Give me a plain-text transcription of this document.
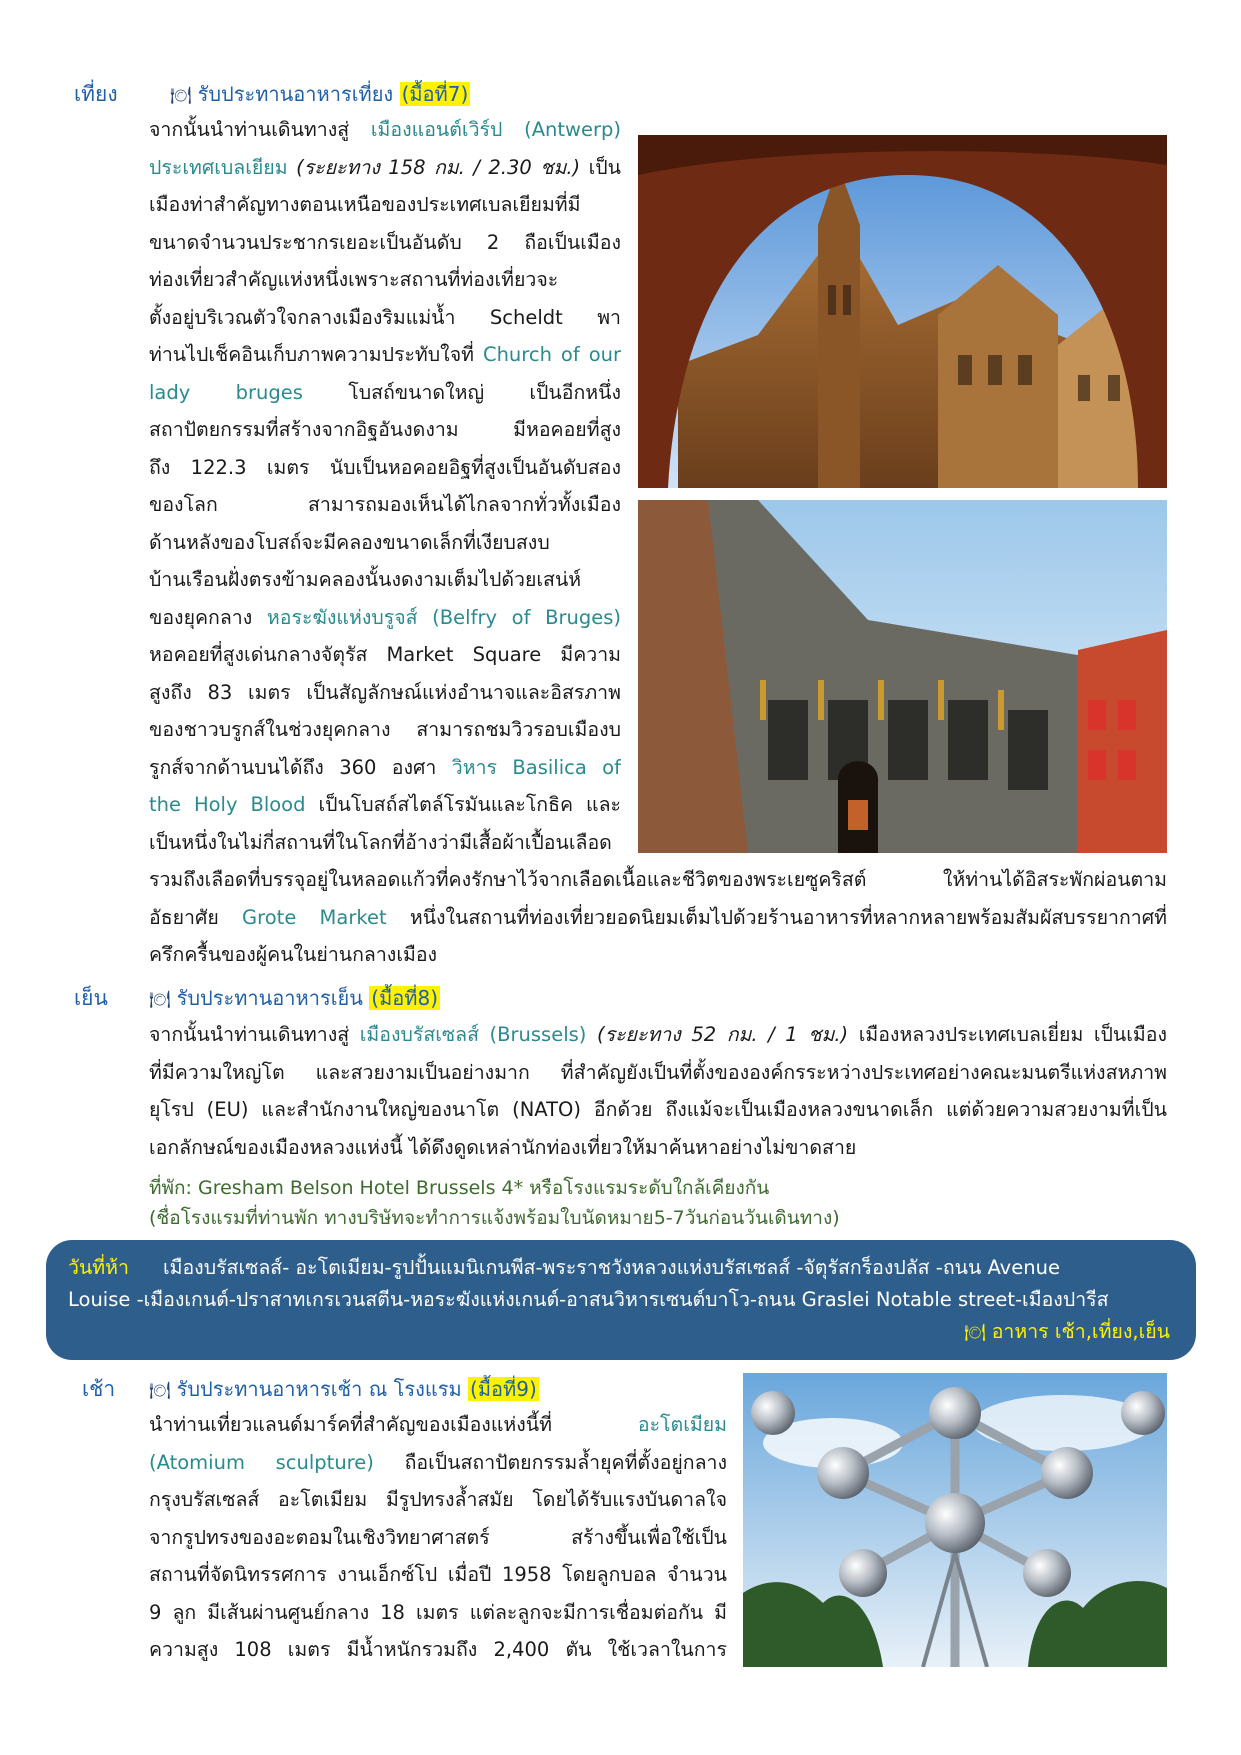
เที่ยง	🍽 รับประทานอาหารเที่ยง (มื้อที่7)
จากนั้นนำท่านเดินทางสู่ เมืองแอนต์เวิร์ป (Antwerp)
ประเทศเบลเยียม (ระยะทาง 158 กม. / 2.30 ชม.) เป็น
เมืองท่าสำคัญทางตอนเหนือของประเทศเบลเยียมที่มี
ขนาดจำนวนประชากรเยอะเป็นอันดับ 2 ถือเป็นเมือง
ท่องเที่ยวสำคัญแห่งหนึ่งเพราะสถานที่ท่องเที่ยวจะ
ตั้งอยู่บริเวณตัวใจกลางเมืองริมแม่น้ำ Scheldt พา
ท่านไปเช็คอินเก็บภาพความประทับใจที่ Church of our
lady bruges โบสถ์ขนาดใหญ่ เป็นอีกหนึ่ง
สถาปัตยกรรมที่สร้างจากอิฐอันงดงาม มีหอคอยที่สูง
ถึง 122.3 เมตร นับเป็นหอคอยอิฐที่สูงเป็นอันดับสอง
ของโลก สามารถมองเห็นได้ไกลจากทั่วทั้งเมือง
ด้านหลังของโบสถ์จะมีคลองขนาดเล็กที่เงียบสงบ
บ้านเรือนฝั่งตรงข้ามคลองนั้นงดงามเต็มไปด้วยเสน่ห์
ของยุคกลาง หอระฆังแห่งบรูจส์ (Belfry of Bruges)
หอคอยที่สูงเด่นกลางจัตุรัส Market Square มีความ
สูงถึง 83 เมตร เป็นสัญลักษณ์แห่งอำนาจและอิสรภาพ
ของชาวบรูกส์ในช่วงยุคกลาง สามารถชมวิวรอบเมืองบ
รูกส์จากด้านบนได้ถึง 360 องศา วิหาร Basilica of
the Holy Blood เป็นโบสถ์สไตล์โรมันและโกธิค และ
เป็นหนึ่งในไม่กี่สถานที่ในโลกที่อ้างว่ามีเสื้อผ้าเปื้อนเลือด
รวมถึงเลือดที่บรรจุอยู่ในหลอดแก้วที่คงรักษาไว้จากเลือดเนื้อและชีวิตของพระเยซูคริสต์ ให้ท่านได้อิสระพักผ่อนตาม
อัธยาศัย Grote Market หนึ่งในสถานที่ท่องเที่ยวยอดนิยมเต็มไปด้วยร้านอาหารที่หลากหลายพร้อมสัมผัสบรรยากาศที่
ครึกครื้นของผู้คนในย่านกลางเมือง
เย็น 🍽 รับประทานอาหารเย็น (มื้อที่8)
จากนั้นนำท่านเดินทางสู่ เมืองบรัสเซลส์ (Brussels) (ระยะทาง 52 กม. / 1 ชม.) เมืองหลวงประเทศเบลเยี่ยม เป็นเมือง
ที่มีความใหญ่โต และสวยงามเป็นอย่างมาก ที่สำคัญยังเป็นที่ตั้งขององค์กรระหว่างประเทศอย่างคณะมนตรีแห่งสหภาพ
ยุโรป (EU) และสำนักงานใหญ่ของนาโต (NATO) อีกด้วย ถึงแม้จะเป็นเมืองหลวงขนาดเล็ก แต่ด้วยความสวยงามที่เป็น
เอกลักษณ์ของเมืองหลวงแห่งนี้ ได้ดึงดูดเหล่านักท่องเที่ยวให้มาค้นหาอย่างไม่ขาดสาย
ที่พัก: Gresham Belson Hotel Brussels 4* หรือโรงแรมระดับใกล้เคียงกัน
(ชื่อโรงแรมที่ท่านพัก ทางบริษัทจะทำการแจ้งพร้อมใบนัดหมาย5-7วันก่อนวันเดินทาง)
วันที่ห้า เมืองบรัสเซลส์- อะโตเมียม-รูปปั้นแมนิเกนพีส-พระราชวังหลวงแห่งบรัสเซลส์ -จัตุรัสกร็องปลัส -ถนน Avenue
Louise -เมืองเกนต์-ปราสาทเกรเวนสตีน-หอระฆังแห่งเกนต์-อาสนวิหารเซนต์บาโว-ถนน Graslei Notable street-เมืองปารีส
🍽 อาหาร เช้า,เที่ยง,เย็น
เช้า 🍽 รับประทานอาหารเช้า ณ โรงแรม (มื้อที่9)
นำท่านเที่ยวแลนด์มาร์คที่สำคัญของเมืองแห่งนี้ที่ อะโตเมียม
(Atomium sculpture) ถือเป็นสถาปัตยกรรมล้ำยุคที่ตั้งอยู่กลาง
กรุงบรัสเซลส์ อะโตเมียม มีรูปทรงล้ำสมัย โดยได้รับแรงบันดาลใจ
จากรูปทรงของอะตอมในเชิงวิทยาศาสตร์ สร้างขึ้นเพื่อใช้เป็น
สถานที่จัดนิทรรศการ งานเอ็กซ์โป เมื่อปี 1958 โดยลูกบอล จำนวน
9 ลูก มีเส้นผ่านศูนย์กลาง 18 เมตร แต่ละลูกจะมีการเชื่อมต่อกัน มี
ความสูง 108 เมตร มีน้ำหนักรวมถึง 2,400 ตัน ใช้เวลาในการ
